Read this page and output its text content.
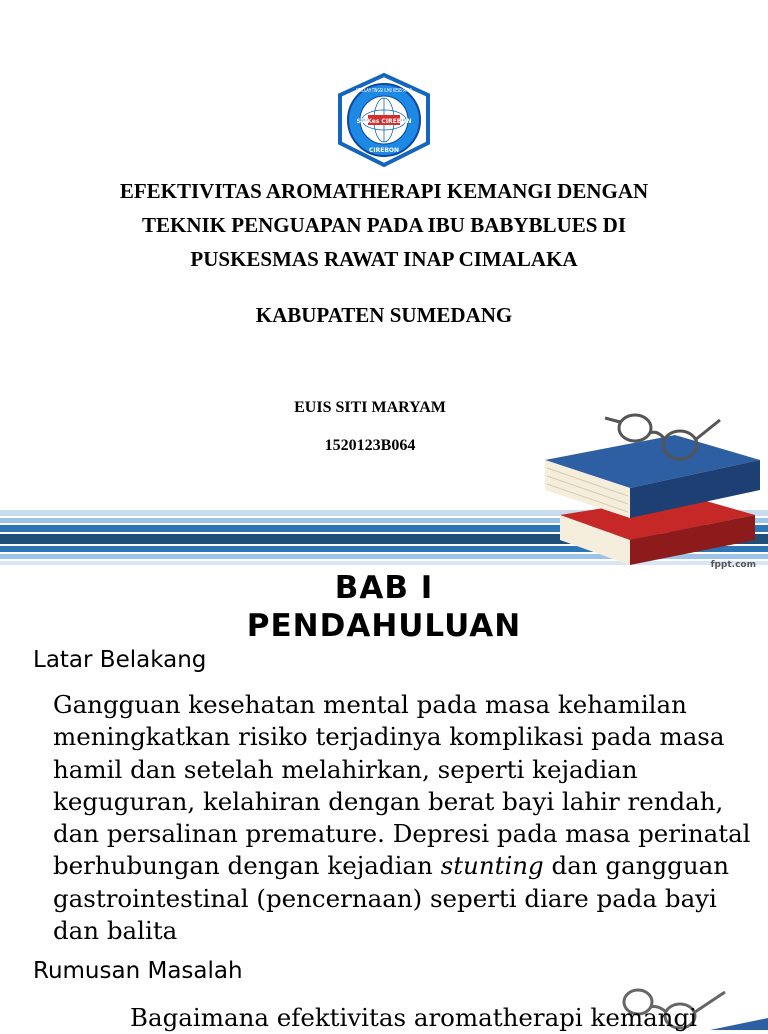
STIKes CIREBON
SEKOLAH TINGGI ILMU KESEHATAN
CIREBON
EFEKTIVITAS AROMATHERAPI KEMANGI DENGAN
TEKNIK PENGUAPAN PADA IBU BABYBLUES DI
PUSKESMAS RAWAT INAP CIMALAKA
KABUPATEN SUMEDANG
EUIS SITI MARYAM
1520123B064
fppt.com
BAB I
PENDAHULUAN
Latar Belakang

Gangguan kesehatan mental pada masa kehamilan meningkatkan risiko terjadinya komplikasi pada masa hamil dan setelah melahirkan, seperti kejadian keguguran, kelahiran dengan berat bayi lahir rendah, dan persalinan premature. Depresi pada masa perinatal berhubungan dengan kejadian stunting dan gangguan gastrointestinal (pencernaan) seperti diare pada bayi dan balita

Rumusan Masalah
Bagaimana efektivitas aromatherapi kemangi
